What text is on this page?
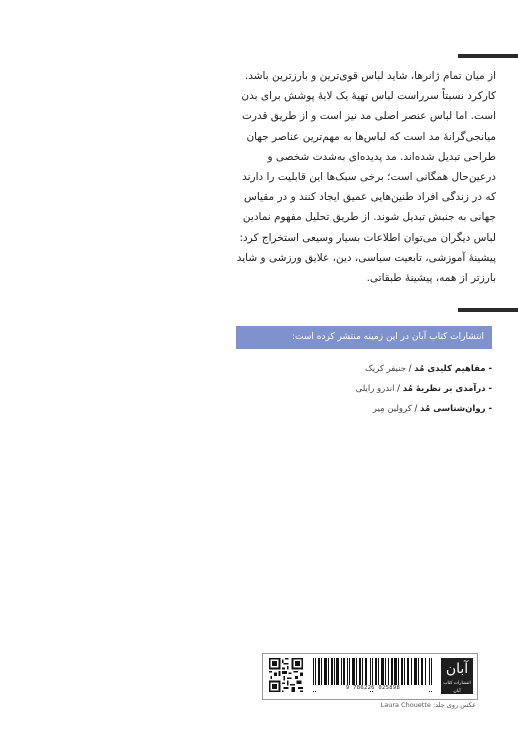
از میان تمام ژانرها، شاید لباس قوی‌ترین و بارزترین باشد.

کارکرد نسبتاً سرراست لباس تهیهٔ یک لایهٔ پوشش برای بدن

است. اما لباس عنصر اصلی مد نیز است و از طریق قدرت

میانجی‌گرانهٔ مد است که لباس‌ها به مهم‌ترین عناصر جهان

طراحی تبدیل شده‌اند. مد پدیده‌ای به‌شدت شخصی و

درعین‌حال همگانی است؛ برخی سبک‌ها این قابلیت را دارند

که در زندگی افراد طنین‌هایی عمیق ایجاد کنند و در مقیاس

جهانی به جنبش تبدیل شوند. از طریق تحلیل مفهوم نمادین

لباس دیگران می‌توان اطلاعات بسیار وسیعی استخراج کرد:

پیشینهٔ آموزشی، تابعیت سیاسی، دین، علایق ورزشی و شاید

بارزتر از همه، پیشینهٔ طبقاتی.

انتشارات کتاب آبان در این زمینه منتشر کرده است:
- مفاهیم کلیدی مُد / جنیفر کریک
- درآمدی بر نظریهٔ مُد / اندرو رایلی
- روان‌شناسی مُد / کرولین مِیر
9 786226 025898
آبان
انتشارات کتاب آبان
عکس روی جلد: Laura Chouette
